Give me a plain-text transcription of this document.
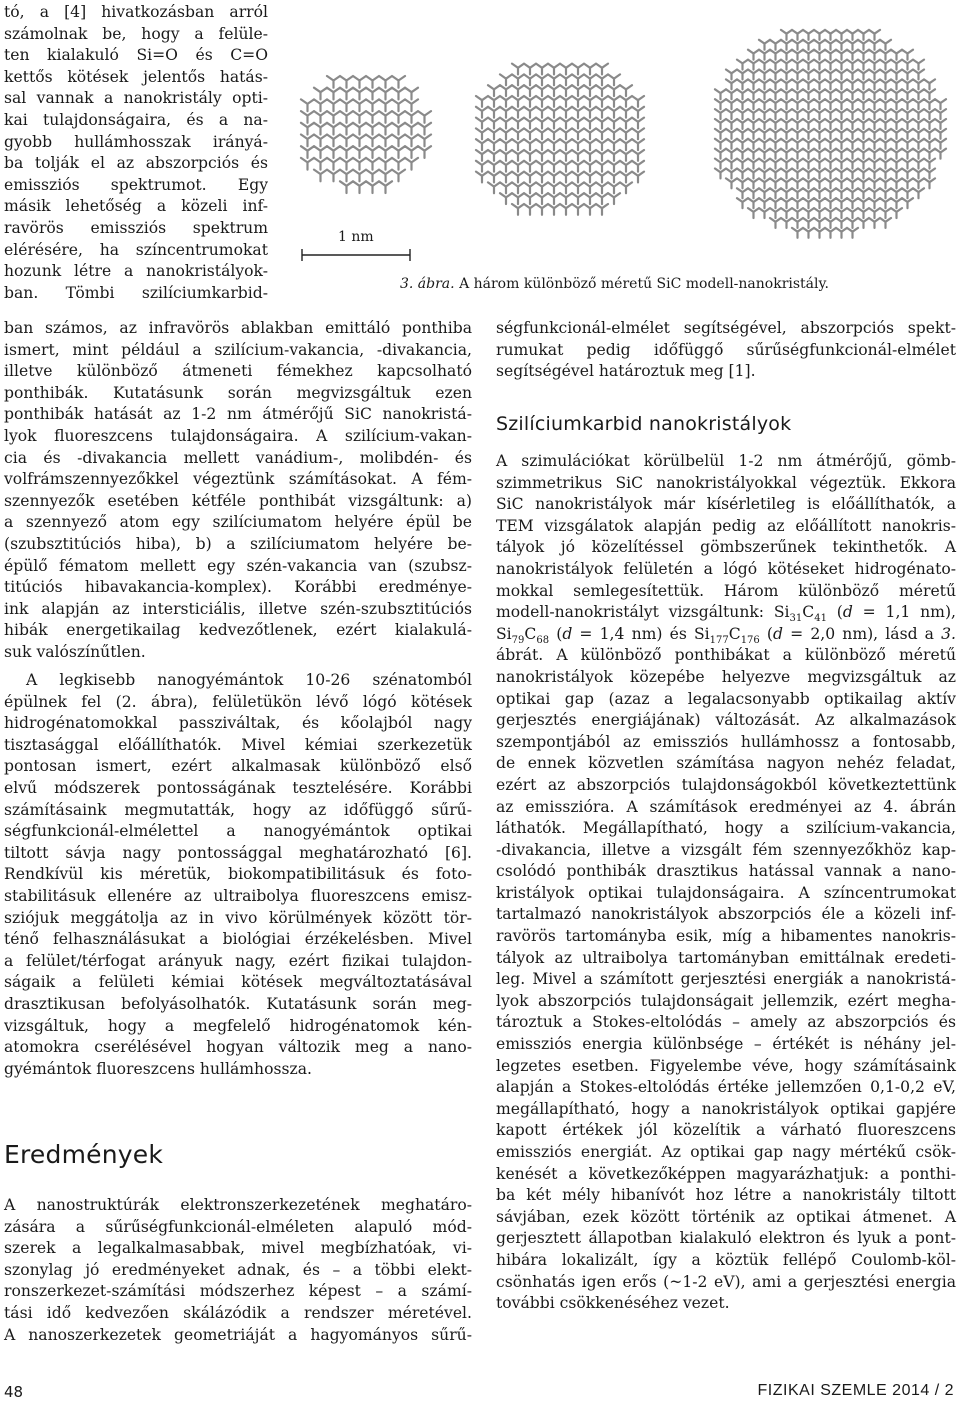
tó, a [4] hivatkozásban arról
számolnak be, hogy a felüle-
ten kialakuló Si=O és C=O
kettős kötések jelentős hatás-
sal vannak a nanokristály opti-
kai tulajdonságaira, és a na-
gyobb hullámhosszak irányá-
ba tolják el az abszorpciós és
emissziós spektrumot. Egy
másik lehetőség a közeli inf-
ravörös emissziós spektrum
elérésére, ha színcentrumokat
hozunk létre a nanokristályok-
ban. Tömbi szilíciumkarbid-

ban számos, az infravörös ablakban emittáló ponthiba
ismert, mint például a szilícium-vakancia, -divakancia,
illetve különböző átmeneti fémekhez kapcsolható
ponthibák. Kutatásunk során megvizsgáltuk ezen
ponthibák hatását az 1-2 nm átmérőjű SiC nanokristá-
lyok fluoreszcens tulajdonságaira. A szilícium-vakan-
cia és -divakancia mellett vanádium-, molibdén- és
volfrámszennyezőkkel végeztünk számításokat. A fém-
szennyezők esetében kétféle ponthibát vizsgáltunk: a)
a szennyező atom egy szilíciumatom helyére épül be
(szubsztitúciós hiba), b) a szilíciumatom helyére be-
épülő fématom mellett egy szén-vakancia van (szubsz-
titúciós hibavakancia-komplex). Korábbi eredménye-
ink alapján az intersticiális, illetve szén-szubsztitúciós
hibák energetikailag kedvezőtlenek, ezért kialakulá-
suk valószínűtlen.

A legkisebb nanogyémántok 10-26 szénatomból
épülnek fel (2. ábra), felületükön lévő lógó kötések
hidrogénatomokkal passziváltak, és kőolajból nagy
tisztasággal előállíthatók. Mivel kémiai szerkezetük
pontosan ismert, ezért alkalmasak különböző első
elvű módszerek pontosságának tesztelésére. Korábbi
számításaink megmutatták, hogy az időfüggő sűrű-
ségfunkcionál-elmélettel a nanogyémántok optikai
tiltott sávja nagy pontossággal meghatározható [6].
Rendkívül kis méretük, biokompatibilitásuk és foto-
stabilitásuk ellenére az ultraibolya fluoreszcens emisz-
sziójuk meggátolja az in vivo körülmények között tör-
ténő felhasználásukat a biológiai érzékelésben. Mivel
a felület/térfogat arányuk nagy, ezért fizikai tulajdon-
ságaik a felületi kémiai kötések megváltoztatásával
drasztikusan befolyásolhatók. Kutatásunk során meg-
vizsgáltuk, hogy a megfelelő hidrogénatomok kén-
atomokra cserélésével hogyan változik meg a nano-
gyémántok fluoreszcens hullámhossza.

Eredmények

A nanostruktúrák elektronszerkezetének meghatáro-
zására a sűrűségfunkcionál-elméleten alapuló mód-
szerek a legalkalmasabbak, mivel megbízhatóak, vi-
szonylag jó eredményeket adnak, és – a többi elekt-
ronszerkezet-számítási módszerhez képest – a számí-
tási idő kedvezően skálázódik a rendszer méretével.
A nanoszerkezetek geometriáját a hagyományos sűrű-

1 nm
3. ábra. A három különböző méretű SiC modell-nanokristály.

ségfunkcionál-elmélet segítségével, abszorpciós spekt-
rumukat pedig időfüggő sűrűségfunkcionál-elmélet
segítségével határoztuk meg [1].

Szilíciumkarbid nanokristályok

A szimulációkat körülbelül 1-2 nm átmérőjű, gömb-
szimmetrikus SiC nanokristályokkal végeztük. Ekkora
SiC nanokristályok már kísérletileg is előállíthatók, a
TEM vizsgálatok alapján pedig az előállított nanokris-
tályok jó közelítéssel gömbszerűnek tekinthetők. A
nanokristályok felületén a lógó kötéseket hidrogénato-
mokkal semlegesítettük. Három különböző méretű

modell-nanokristályt vizsgáltunk: $Si_{31}C_{41}$ (d = 1,1 nm),

$Si_{79}C_{68}$ (d = 1,4 nm) és $Si_{177}C_{176}$ (d = 2,0 nm), lásd a 3.

ábrát. A különböző ponthibákat a különböző méretű
nanokristályok közepébe helyezve megvizsgáltuk az
optikai gap (azaz a legalacsonyabb optikailag aktív
gerjesztés energiájának) változását. Az alkalmazások
szempontjából az emissziós hullámhossz a fontosabb,
de ennek közvetlen számítása nagyon nehéz feladat,
ezért az abszorpciós tulajdonságokból következtettünk
az emisszióra. A számítások eredményei az 4. ábrán
láthatók. Megállapítható, hogy a szilícium-vakancia,
-divakancia, illetve a vizsgált fém szennyezőkhöz kap-
csolódó ponthibák drasztikus hatással vannak a nano-
kristályok optikai tulajdonságaira. A színcentrumokat
tartalmazó nanokristályok abszorpciós éle a közeli inf-
ravörös tartományba esik, míg a hibamentes nanokris-
tályok az ultraibolya tartományban emittálnak eredeti-
leg. Mivel a számított gerjesztési energiák a nanokristá-
lyok abszorpciós tulajdonságait jellemzik, ezért megha-
tároztuk a Stokes-eltolódás – amely az abszorpciós és
emissziós energia különbsége – értékét is néhány jel-
legzetes esetben. Figyelembe véve, hogy számításaink
alapján a Stokes-eltolódás értéke jellemzően 0,1-0,2 eV,
megállapítható, hogy a nanokristályok optikai gapjére
kapott értékek jól közelítik a várható fluoreszcens
emissziós energiát. Az optikai gap nagy mértékű csök-
kenését a következőképpen magyarázhatjuk: a ponthi-
ba két mély hibanívót hoz létre a nanokristály tiltott
sávjában, ezek között történik az optikai átmenet. A
gerjesztett állapotban kialakuló elektron és lyuk a pont-
hibára lokalizált, így a köztük fellépő Coulomb-köl-
csönhatás igen erős (~1-2 eV), ami a gerjesztési energia
további csökkenéséhez vezet.

48	FIZIKAI SZEMLE 2014 / 2
